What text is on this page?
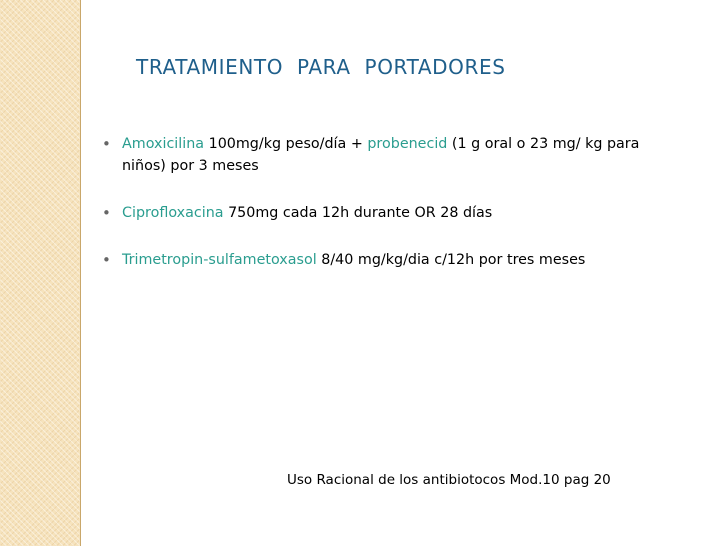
TRATAMIENTO  PARA  PORTADORES
• Amoxicilina 100mg/kg peso/día + probenecid (1 g oral o 23 mg/ kg para niños) por 3 meses
• Ciprofloxacina 750mg cada 12h durante OR 28 días
• Trimetropin-sulfametoxasol 8/40 mg/kg/dia c/12h por tres meses
Uso Racional de los antibiotocos Mod.10 pag 20
